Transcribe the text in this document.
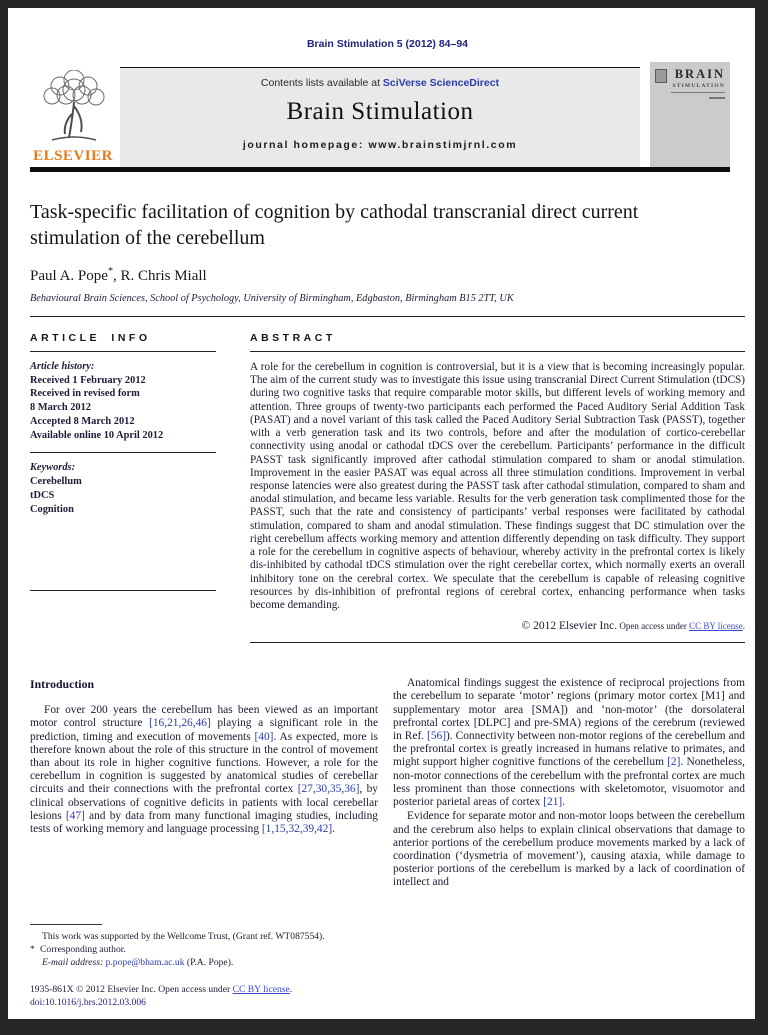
Brain Stimulation 5 (2012) 84–94
ELSEVIER
Contents lists available at SciVerse ScienceDirect
Brain Stimulation
journal homepage: www.brainstimjrnl.com
BRAIN
STIMULATION
Task-specific facilitation of cognition by cathodal transcranial direct current stimulation of the cerebellum
Paul A. Pope*, R. Chris Miall
Behavioural Brain Sciences, School of Psychology, University of Birmingham, Edgbaston, Birmingham B15 2TT, UK
ARTICLE INFO
Article history:
Received 1 February 2012
Received in revised form
8 March 2012
Accepted 8 March 2012
Available online 10 April 2012
Keywords:
Cerebellum
tDCS
Cognition
ABSTRACT
A role for the cerebellum in cognition is controversial, but it is a view that is becoming increasingly popular. The aim of the current study was to investigate this issue using transcranial Direct Current Stimulation (tDCS) during two cognitive tasks that require comparable motor skills, but different levels of working memory and attention. Three groups of twenty-two participants each performed the Paced Auditory Serial Addition Task (PASAT) and a novel variant of this task called the Paced Auditory Serial Subtraction Task (PASST), together with a verb generation task and its two controls, before and after the modulation of cortico-cerebellar connectivity using anodal or cathodal tDCS over the cerebellum. Participants’ performance in the difficult PASST task significantly improved after cathodal stimulation compared to sham or anodal stimulation. Improvement in the easier PASAT was equal across all three stimulation conditions. Improvement in verbal response latencies were also greatest during the PASST task after cathodal stimulation, compared to sham and anodal stimulation, and became less variable. Results for the verb generation task complimented those for the PASST, such that the rate and consistency of participants’ verbal responses were facilitated by cathodal stimulation, compared to sham and anodal stimulation. These findings suggest that DC stimulation over the right cerebellum affects working memory and attention differently depending on task difficulty. They support a role for the cerebellum in cognitive aspects of behaviour, whereby activity in the prefrontal cortex is likely dis-inhibited by cathodal tDCS stimulation over the right cerebellar cortex, which normally exerts an overall inhibitory tone on the cerebral cortex. We speculate that the cerebellum is capable of releasing cognitive resources by dis-inhibition of prefrontal regions of cerebral cortex, enhancing performance when tasks become demanding.
© 2012 Elsevier Inc. Open access under CC BY license.
Introduction

For over 200 years the cerebellum has been viewed as an important motor control structure [16,21,26,46] playing a significant role in the prediction, timing and execution of movements [40]. As expected, more is therefore known about the role of this structure in the control of movement than about its role in higher cognitive functions. However, a role for the cerebellum in cognition is suggested by anatomical studies of cerebellar circuits and their connections with the prefrontal cortex [27,30,35,36], by clinical observations of cognitive deficits in patients with local cerebellar lesions [47] and by data from many functional imaging studies, including tests of working memory and language processing [1,15,32,39,42].

This work was supported by the Wellcome Trust, (Grant ref. WT087554).
* Corresponding author.
E-mail address: p.pope@bham.ac.uk (P.A. Pope).
1935-861X © 2012 Elsevier Inc. Open access under CC BY license.
doi:10.1016/j.brs.2012.03.006

Anatomical findings suggest the existence of reciprocal projections from the cerebellum to separate ‘motor’ regions (primary motor cortex [M1] and supplementary motor area [SMA]) and ‘non-motor’ (the dorsolateral prefrontal cortex [DLPC] and pre-SMA) regions of the cerebrum (reviewed in Ref. [56]). Connectivity between non-motor regions of the cerebellum and the prefrontal cortex is greatly increased in humans relative to primates, and might support higher cognitive functions of the cerebellum [2]. Nonetheless, non-motor connections of the cerebellum with the prefrontal cortex are much less prominent than those connections with skeletomotor, visuomotor and posterior parietal areas of cortex [21].

Evidence for separate motor and non-motor loops between the cerebellum and the cerebrum also helps to explain clinical observations that damage to anterior portions of the cerebellum produce movements marked by a lack of coordination (‘dysmetria of movement’), causing ataxia, while damage to posterior portions of the cerebellum is marked by a lack of coordination of intellect and
